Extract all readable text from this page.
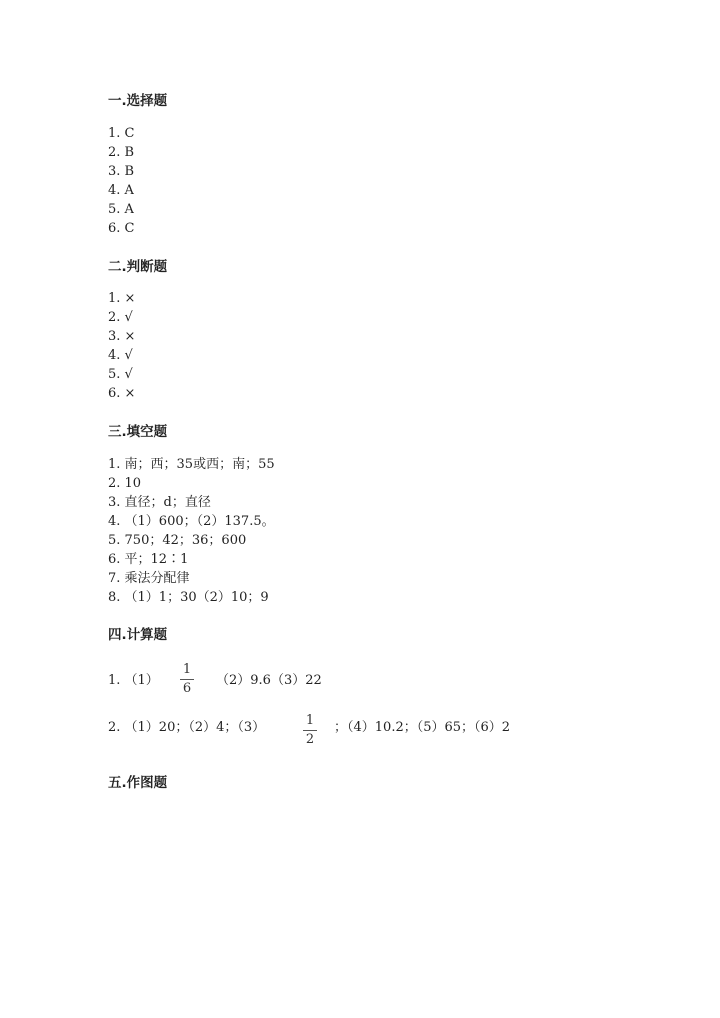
一.选择题
1. C
2. B
3. B
4. A
5. A
6. C
二.判断题
1. ×
2. √
3. ×
4. √
5. √
6. ×
三.填空题
1. 南；西；35或西；南；55
2. 10
3. 直径；d；直径
4. （1）600；（2）137.5。
5. 750；42；36；600
6. 平；12∶1
7. 乘法分配律
8. （1）1；30（2）10；9
四.计算题
1. （1）
1
6
（2）9.6（3）22
2. （1）20；（2）4；（3）	1
2
；（4）10.2；（5）65；（6）2
五.作图题
